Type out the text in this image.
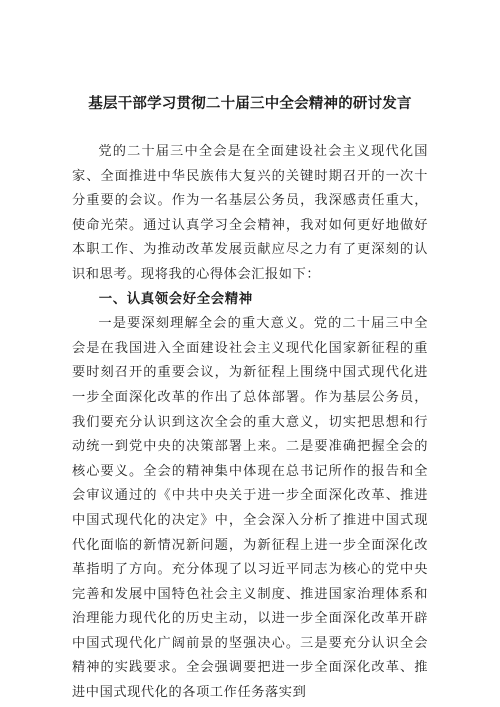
基层干部学习贯彻二十届三中全会精神的研讨发言

党的二十届三中全会是在全面建设社会主义现代化国家、全面推进中华民族伟大复兴的关键时期召开的一次十分重要的会议。作为一名基层公务员，我深感责任重大，使命光荣。通过认真学习全会精神，我对如何更好地做好本职工作、为推动改革发展贡献应尽之力有了更深刻的认识和思考。现将我的心得体会汇报如下：

一、认真领会好全会精神

一是要深刻理解全会的重大意义。党的二十届三中全会是在我国进入全面建设社会主义现代化国家新征程的重要时刻召开的重要会议，为新征程上围绕中国式现代化进一步全面深化改革的作出了总体部署。作为基层公务员，我们要充分认识到这次全会的重大意义，切实把思想和行动统一到党中央的决策部署上来。二是要准确把握全会的核心要义。全会的精神集中体现在总书记所作的报告和全会审议通过的《中共中央关于进一步全面深化改革、推进中国式现代化的决定》中，全会深入分析了推进中国式现代化面临的新情况新问题，为新征程上进一步全面深化改革指明了方向。充分体现了以习近平同志为核心的党中央完善和发展中国特色社会主义制度、推进国家治理体系和治理能力现代化的历史主动，以进一步全面深化改革开辟中国式现代化广阔前景的坚强决心。三是要充分认识全会精神的实践要求。全会强调要把进一步全面深化改革、推进中国式现代化的各项工作任务落实到
